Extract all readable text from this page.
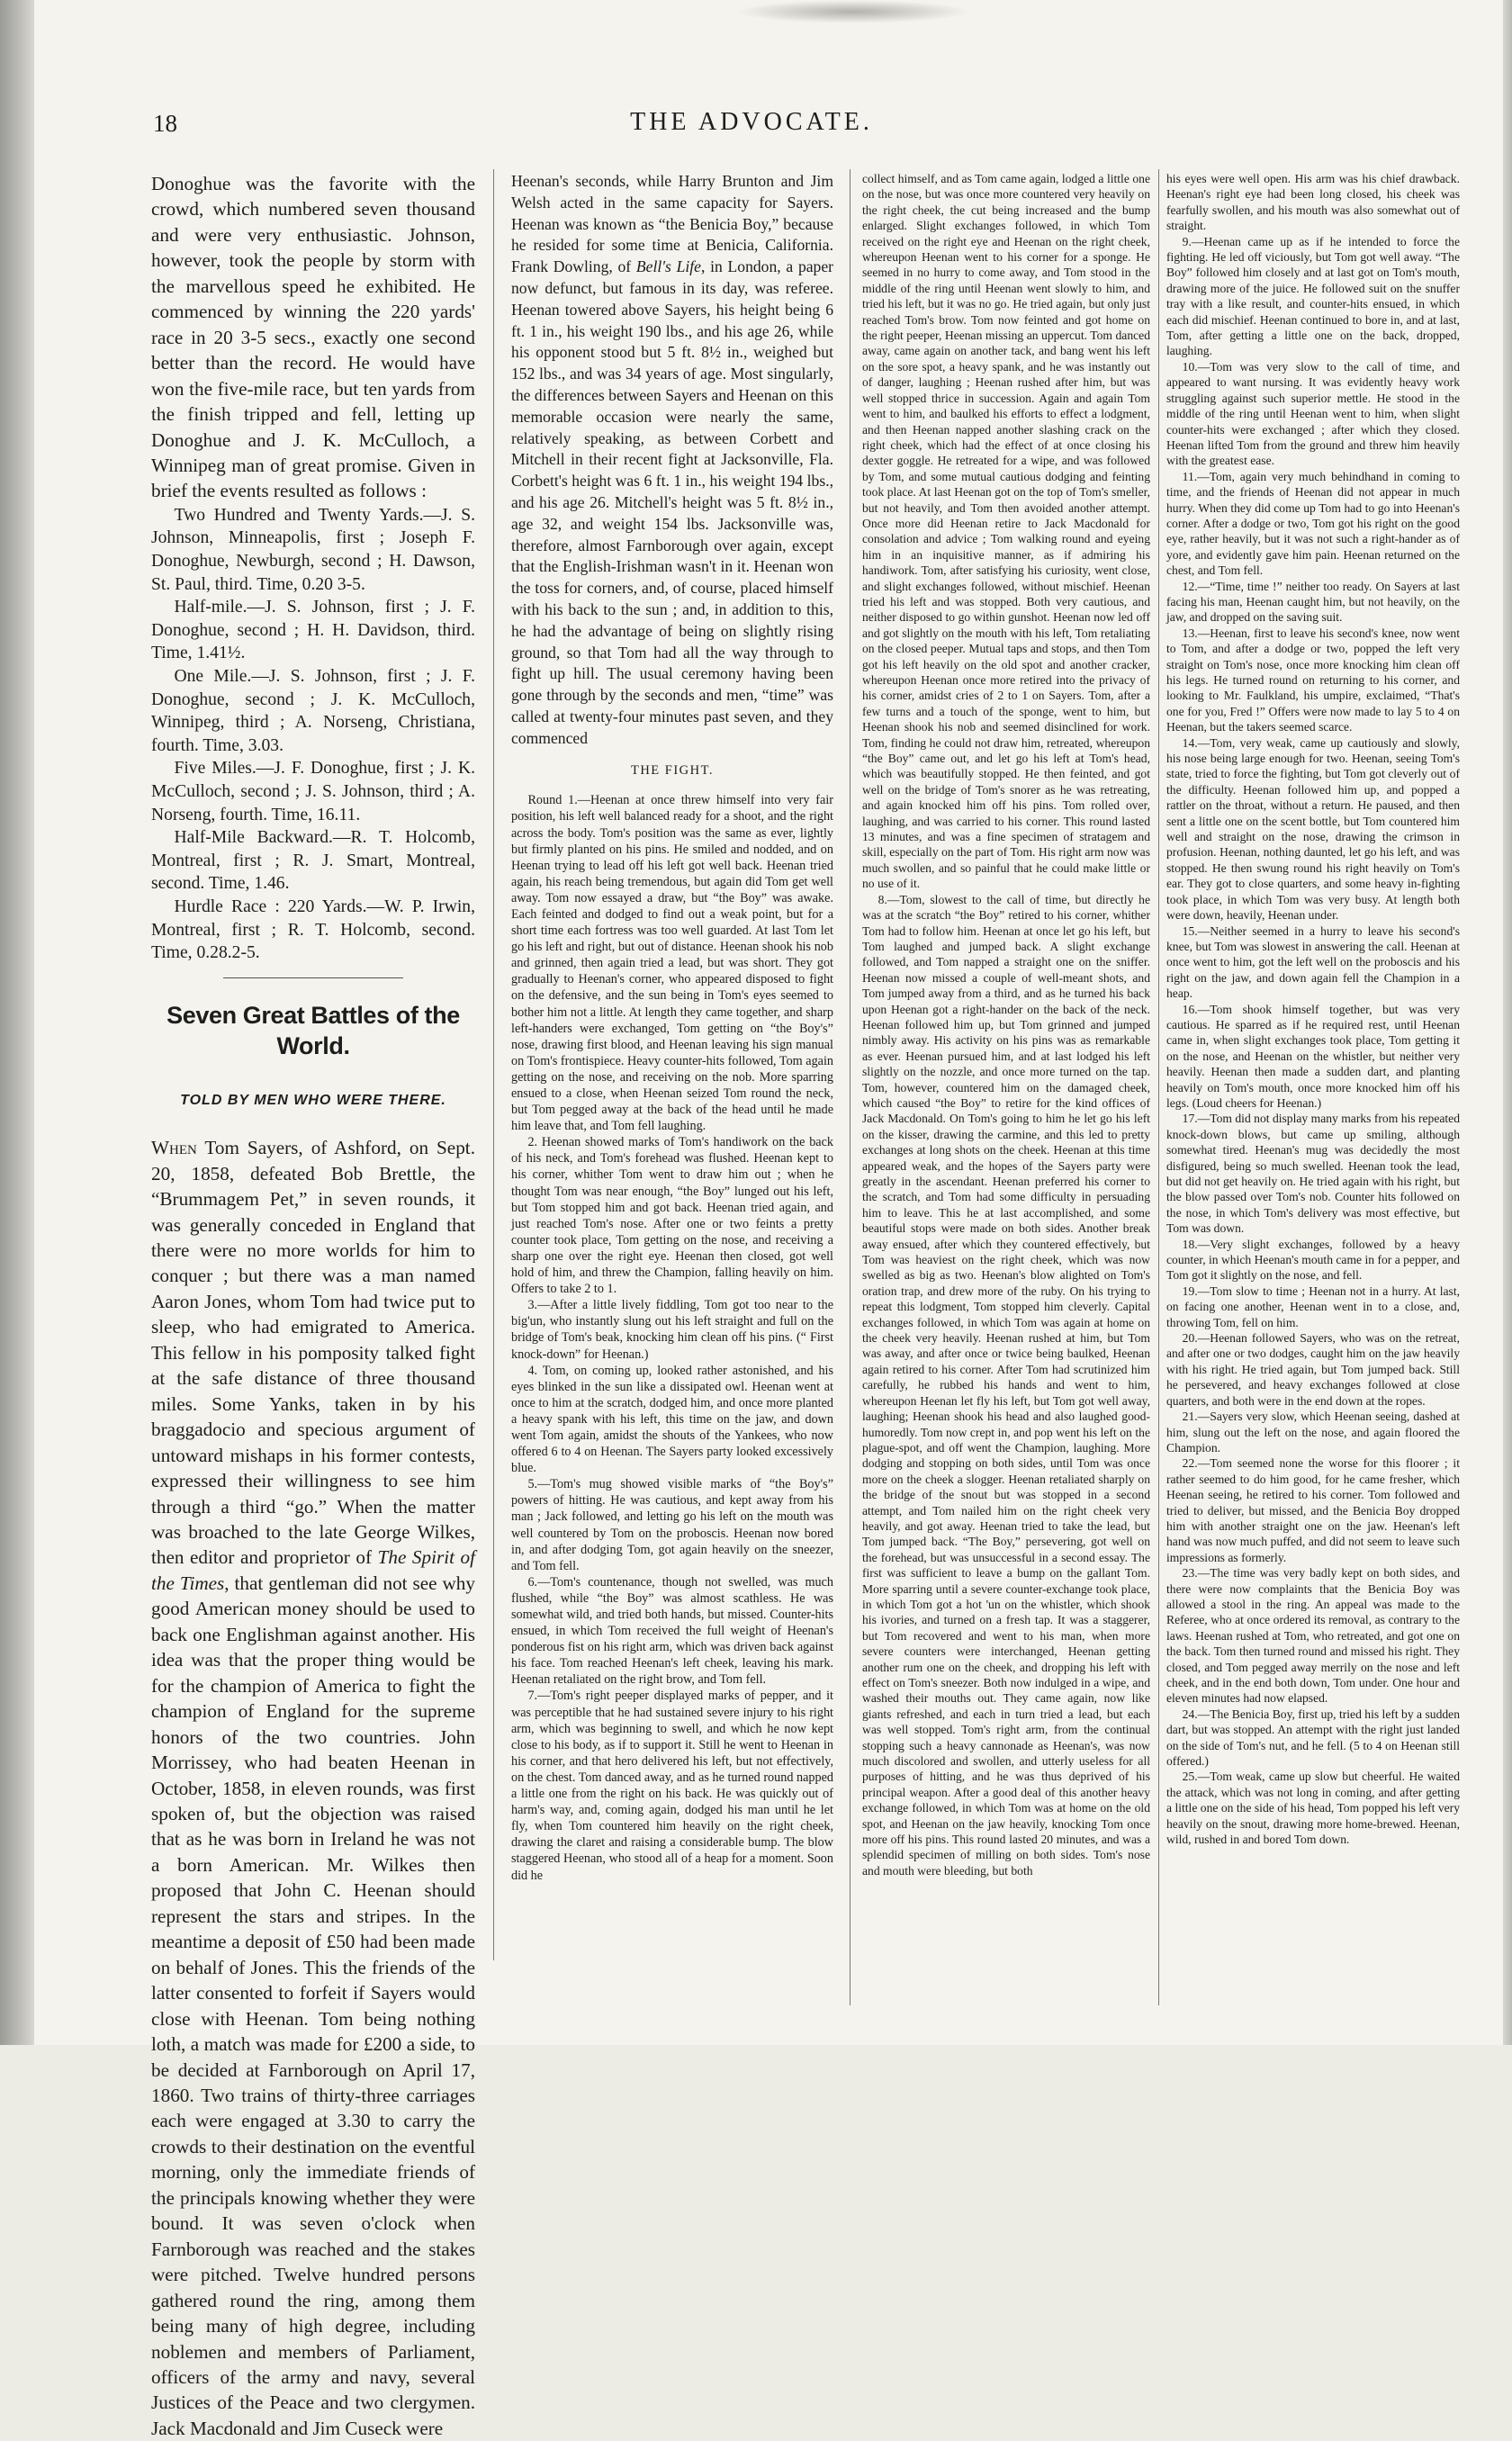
18	THE ADVOCATE.

Donoghue was the favorite with the crowd, which numbered seven thousand and were very enthusiastic. Johnson, however, took the people by storm with the marvellous speed he exhibited. He commenced by winning the 220 yards' race in 20 3-5 secs., exactly one second better than the record. He would have won the five-mile race, but ten yards from the finish tripped and fell, letting up Donoghue and J. K. McCulloch, a Winnipeg man of great promise. Given in brief the events resulted as follows :

Two Hundred and Twenty Yards.—J. S. Johnson, Minneapolis, first ; Joseph F. Donoghue, Newburgh, second ; H. Dawson, St. Paul, third. Time, 0.20 3-5.

Half-mile.—J. S. Johnson, first ; J. F. Donoghue, second ; H. H. Davidson, third. Time, 1.41½.

One Mile.—J. S. Johnson, first ; J. F. Donoghue, second ; J. K. McCulloch, Winnipeg, third ; A. Norseng, Christiana, fourth. Time, 3.03.

Five Miles.—J. F. Donoghue, first ; J. K. McCulloch, second ; J. S. Johnson, third ; A. Norseng, fourth. Time, 16.11.

Half-Mile Backward.—R. T. Holcomb, Montreal, first ; R. J. Smart, Montreal, second. Time, 1.46.

Hurdle Race : 220 Yards.—W. P. Irwin, Montreal, first ; R. T. Holcomb, second. Time, 0.28.2-5.

Seven Great Battles of the World.
TOLD BY MEN WHO WERE THERE.

When Tom Sayers, of Ashford, on Sept. 20, 1858, defeated Bob Brettle, the “Brummagem Pet,” in seven rounds, it was generally conceded in England that there were no more worlds for him to conquer ; but there was a man named Aaron Jones, whom Tom had twice put to sleep, who had emigrated to America. This fellow in his pomposity talked fight at the safe distance of three thousand miles. Some Yanks, taken in by his braggadocio and specious argument of untoward mishaps in his former contests, expressed their willingness to see him through a third “go.” When the matter was broached to the late George Wilkes, then editor and proprietor of The Spirit of the Times, that gentleman did not see why good American money should be used to back one Englishman against another. His idea was that the proper thing would be for the champion of America to fight the champion of England for the supreme honors of the two countries. John Morrissey, who had beaten Heenan in October, 1858, in eleven rounds, was first spoken of, but the objection was raised that as he was born in Ireland he was not a born American. Mr. Wilkes then proposed that John C. Heenan should represent the stars and stripes. In the meantime a deposit of £50 had been made on behalf of Jones. This the friends of the latter consented to forfeit if Sayers would close with Heenan. Tom being nothing loth, a match was made for £200 a side, to be decided at Farnborough on April 17, 1860. Two trains of thirty-three carriages each were engaged at 3.30 to carry the crowds to their destination on the eventful morning, only the immediate friends of the principals knowing whether they were bound. It was seven o'clock when Farnborough was reached and the stakes were pitched. Twelve hundred persons gathered round the ring, among them being many of high degree, including noblemen and members of Parliament, officers of the army and navy, several Justices of the Peace and two clergymen. Jack Macdonald and Jim Cuseck were

Heenan's seconds, while Harry Brunton and Jim Welsh acted in the same capacity for Sayers. Heenan was known as “the Benicia Boy,” because he resided for some time at Benicia, California. Frank Dowling, of Bell's Life, in London, a paper now defunct, but famous in its day, was referee. Heenan towered above Sayers, his height being 6 ft. 1 in., his weight 190 lbs., and his age 26, while his opponent stood but 5 ft. 8½ in., weighed but 152 lbs., and was 34 years of age. Most singularly, the differences between Sayers and Heenan on this memorable occasion were nearly the same, relatively speaking, as between Corbett and Mitchell in their recent fight at Jacksonville, Fla. Corbett's height was 6 ft. 1 in., his weight 194 lbs., and his age 26. Mitchell's height was 5 ft. 8½ in., age 32, and weight 154 lbs. Jacksonville was, therefore, almost Farnborough over again, except that the English-Irishman wasn't in it. Heenan won the toss for corners, and, of course, placed himself with his back to the sun ; and, in addition to this, he had the advantage of being on slightly rising ground, so that Tom had all the way through to fight up hill. The usual ceremony having been gone through by the seconds and men, “time” was called at twenty-four minutes past seven, and they commenced

THE FIGHT.

Round 1.—Heenan at once threw himself into very fair position, his left well balanced ready for a shoot, and the right across the body. Tom's position was the same as ever, lightly but firmly planted on his pins. He smiled and nodded, and on Heenan trying to lead off his left got well back. Heenan tried again, his reach being tremendous, but again did Tom get well away. Tom now essayed a draw, but “the Boy” was awake. Each feinted and dodged to find out a weak point, but for a short time each fortress was too well guarded. At last Tom let go his left and right, but out of distance. Heenan shook his nob and grinned, then again tried a lead, but was short. They got gradually to Heenan's corner, who appeared disposed to fight on the defensive, and the sun being in Tom's eyes seemed to bother him not a little. At length they came together, and sharp left-handers were exchanged, Tom getting on “the Boy's” nose, drawing first blood, and Heenan leaving his sign manual on Tom's frontispiece. Heavy counter-hits followed, Tom again getting on the nose, and receiving on the nob. More sparring ensued to a close, when Heenan seized Tom round the neck, but Tom pegged away at the back of the head until he made him leave that, and Tom fell laughing.

2. Heenan showed marks of Tom's handiwork on the back of his neck, and Tom's forehead was flushed. Heenan kept to his corner, whither Tom went to draw him out ; when he thought Tom was near enough, “the Boy” lunged out his left, but Tom stopped him and got back. Heenan tried again, and just reached Tom's nose. After one or two feints a pretty counter took place, Tom getting on the nose, and receiving a sharp one over the right eye. Heenan then closed, got well hold of him, and threw the Champion, falling heavily on him. Offers to take 2 to 1.

3.—After a little lively fiddling, Tom got too near to the big'un, who instantly slung out his left straight and full on the bridge of Tom's beak, knocking him clean off his pins. (“ First knock-down” for Heenan.)

4. Tom, on coming up, looked rather astonished, and his eyes blinked in the sun like a dissipated owl. Heenan went at once to him at the scratch, dodged him, and once more planted a heavy spank with his left, this time on the jaw, and down went Tom again, amidst the shouts of the Yankees, who now offered 6 to 4 on Heenan. The Sayers party looked excessively blue.

5.—Tom's mug showed visible marks of “the Boy's” powers of hitting. He was cautious, and kept away from his man ; Jack followed, and letting go his left on the mouth was well countered by Tom on the proboscis. Heenan now bored in, and after dodging Tom, got again heavily on the sneezer, and Tom fell.

6.—Tom's countenance, though not swelled, was much flushed, while “the Boy” was almost scathless. He was somewhat wild, and tried both hands, but missed. Counter-hits ensued, in which Tom received the full weight of Heenan's ponderous fist on his right arm, which was driven back against his face. Tom reached Heenan's left cheek, leaving his mark. Heenan retaliated on the right brow, and Tom fell.

7.—Tom's right peeper displayed marks of pepper, and it was perceptible that he had sustained severe injury to his right arm, which was beginning to swell, and which he now kept close to his body, as if to support it. Still he went to Heenan in his corner, and that hero delivered his left, but not effectively, on the chest. Tom danced away, and as he turned round napped a little one from the right on his back. He was quickly out of harm's way, and, coming again, dodged his man until he let fly, when Tom countered him heavily on the right cheek, drawing the claret and raising a considerable bump. The blow staggered Heenan, who stood all of a heap for a moment. Soon did he

collect himself, and as Tom came again, lodged a little one on the nose, but was once more countered very heavily on the right cheek, the cut being increased and the bump enlarged. Slight exchanges followed, in which Tom received on the right eye and Heenan on the right cheek, whereupon Heenan went to his corner for a sponge. He seemed in no hurry to come away, and Tom stood in the middle of the ring until Heenan went slowly to him, and tried his left, but it was no go. He tried again, but only just reached Tom's brow. Tom now feinted and got home on the right peeper, Heenan missing an uppercut. Tom danced away, came again on another tack, and bang went his left on the sore spot, a heavy spank, and he was instantly out of danger, laughing ; Heenan rushed after him, but was well stopped thrice in succession. Again and again Tom went to him, and baulked his efforts to effect a lodgment, and then Heenan napped another slashing crack on the right cheek, which had the effect of at once closing his dexter goggle. He retreated for a wipe, and was followed by Tom, and some mutual cautious dodging and feinting took place. At last Heenan got on the top of Tom's smeller, but not heavily, and Tom then avoided another attempt. Once more did Heenan retire to Jack Macdonald for consolation and advice ; Tom walking round and eyeing him in an inquisitive manner, as if admiring his handiwork. Tom, after satisfying his curiosity, went close, and slight exchanges followed, without mischief. Heenan tried his left and was stopped. Both very cautious, and neither disposed to go within gunshot. Heenan now led off and got slightly on the mouth with his left, Tom retaliating on the closed peeper. Mutual taps and stops, and then Tom got his left heavily on the old spot and another cracker, whereupon Heenan once more retired into the privacy of his corner, amidst cries of 2 to 1 on Sayers. Tom, after a few turns and a touch of the sponge, went to him, but Heenan shook his nob and seemed disinclined for work. Tom, finding he could not draw him, retreated, whereupon “the Boy” came out, and let go his left at Tom's head, which was beautifully stopped. He then feinted, and got well on the bridge of Tom's snorer as he was retreating, and again knocked him off his pins. Tom rolled over, laughing, and was carried to his corner. This round lasted 13 minutes, and was a fine specimen of stratagem and skill, especially on the part of Tom. His right arm now was much swollen, and so painful that he could make little or no use of it.

8.—Tom, slowest to the call of time, but directly he was at the scratch “the Boy” retired to his corner, whither Tom had to follow him. Heenan at once let go his left, but Tom laughed and jumped back. A slight exchange followed, and Tom napped a straight one on the sniffer. Heenan now missed a couple of well-meant shots, and Tom jumped away from a third, and as he turned his back upon Heenan got a right-hander on the back of the neck. Heenan followed him up, but Tom grinned and jumped nimbly away. His activity on his pins was as remarkable as ever. Heenan pursued him, and at last lodged his left slightly on the nozzle, and once more turned on the tap. Tom, however, countered him on the damaged cheek, which caused “the Boy” to retire for the kind offices of Jack Macdonald. On Tom's going to him he let go his left on the kisser, drawing the carmine, and this led to pretty exchanges at long shots on the cheek. Heenan at this time appeared weak, and the hopes of the Sayers party were greatly in the ascendant. Heenan preferred his corner to the scratch, and Tom had some difficulty in persuading him to leave. This he at last accomplished, and some beautiful stops were made on both sides. Another break away ensued, after which they countered effectively, but Tom was heaviest on the right cheek, which was now swelled as big as two. Heenan's blow alighted on Tom's oration trap, and drew more of the ruby. On his trying to repeat this lodgment, Tom stopped him cleverly. Capital exchanges followed, in which Tom was again at home on the cheek very heavily. Heenan rushed at him, but Tom was away, and after once or twice being baulked, Heenan again retired to his corner. After Tom had scrutinized him carefully, he rubbed his hands and went to him, whereupon Heenan let fly his left, but Tom got well away, laughing; Heenan shook his head and also laughed good-humoredly. Tom now crept in, and pop went his left on the plague-spot, and off went the Champion, laughing. More dodging and stopping on both sides, until Tom was once more on the cheek a slogger. Heenan retaliated sharply on the bridge of the snout but was stopped in a second attempt, and Tom nailed him on the right cheek very heavily, and got away. Heenan tried to take the lead, but Tom jumped back. “The Boy,” persevering, got well on the forehead, but was unsuccessful in a second essay. The first was sufficient to leave a bump on the gallant Tom. More sparring until a severe counter-exchange took place, in which Tom got a hot 'un on the whistler, which shook his ivories, and turned on a fresh tap. It was a staggerer, but Tom recovered and went to his man, when more severe counters were interchanged, Heenan getting another rum one on the cheek, and dropping his left with effect on Tom's sneezer. Both now indulged in a wipe, and washed their mouths out. They came again, now like giants refreshed, and each in turn tried a lead, but each was well stopped. Tom's right arm, from the continual stopping such a heavy cannonade as Heenan's, was now much discolored and swollen, and utterly useless for all purposes of hitting, and he was thus deprived of his principal weapon. After a good deal of this another heavy exchange followed, in which Tom was at home on the old spot, and Heenan on the jaw heavily, knocking Tom once more off his pins. This round lasted 20 minutes, and was a splendid specimen of milling on both sides. Tom's nose and mouth were bleeding, but both

his eyes were well open. His arm was his chief drawback. Heenan's right eye had been long closed, his cheek was fearfully swollen, and his mouth was also somewhat out of straight.

9.—Heenan came up as if he intended to force the fighting. He led off viciously, but Tom got well away. “The Boy” followed him closely and at last got on Tom's mouth, drawing more of the juice. He followed suit on the snuffer tray with a like result, and counter-hits ensued, in which each did mischief. Heenan continued to bore in, and at last, Tom, after getting a little one on the back, dropped, laughing.

10.—Tom was very slow to the call of time, and appeared to want nursing. It was evidently heavy work struggling against such superior mettle. He stood in the middle of the ring until Heenan went to him, when slight counter-hits were exchanged ; after which they closed. Heenan lifted Tom from the ground and threw him heavily with the greatest ease.

11.—Tom, again very much behindhand in coming to time, and the friends of Heenan did not appear in much hurry. When they did come up Tom had to go into Heenan's corner. After a dodge or two, Tom got his right on the good eye, rather heavily, but it was not such a right-hander as of yore, and evidently gave him pain. Heenan returned on the chest, and Tom fell.

12.—“Time, time !” neither too ready. On Sayers at last facing his man, Heenan caught him, but not heavily, on the jaw, and dropped on the saving suit.

13.—Heenan, first to leave his second's knee, now went to Tom, and after a dodge or two, popped the left very straight on Tom's nose, once more knocking him clean off his legs. He turned round on returning to his corner, and looking to Mr. Faulkland, his umpire, exclaimed, “That's one for you, Fred !” Offers were now made to lay 5 to 4 on Heenan, but the takers seemed scarce.

14.—Tom, very weak, came up cautiously and slowly, his nose being large enough for two. Heenan, seeing Tom's state, tried to force the fighting, but Tom got cleverly out of the difficulty. Heenan followed him up, and popped a rattler on the throat, without a return. He paused, and then sent a little one on the scent bottle, but Tom countered him well and straight on the nose, drawing the crimson in profusion. Heenan, nothing daunted, let go his left, and was stopped. He then swung round his right heavily on Tom's ear. They got to close quarters, and some heavy in-fighting took place, in which Tom was very busy. At length both were down, heavily, Heenan under.

15.—Neither seemed in a hurry to leave his second's knee, but Tom was slowest in answering the call. Heenan at once went to him, got the left well on the proboscis and his right on the jaw, and down again fell the Champion in a heap.

16.—Tom shook himself together, but was very cautious. He sparred as if he required rest, until Heenan came in, when slight exchanges took place, Tom getting it on the nose, and Heenan on the whistler, but neither very heavily. Heenan then made a sudden dart, and planting heavily on Tom's mouth, once more knocked him off his legs. (Loud cheers for Heenan.)

17.—Tom did not display many marks from his repeated knock-down blows, but came up smiling, although somewhat tired. Heenan's mug was decidedly the most disfigured, being so much swelled. Heenan took the lead, but did not get heavily on. He tried again with his right, but the blow passed over Tom's nob. Counter hits followed on the nose, in which Tom's delivery was most effective, but Tom was down.

18.—Very slight exchanges, followed by a heavy counter, in which Heenan's mouth came in for a pepper, and Tom got it slightly on the nose, and fell.

19.—Tom slow to time ; Heenan not in a hurry. At last, on facing one another, Heenan went in to a close, and, throwing Tom, fell on him.

20.—Heenan followed Sayers, who was on the retreat, and after one or two dodges, caught him on the jaw heavily with his right. He tried again, but Tom jumped back. Still he persevered, and heavy exchanges followed at close quarters, and both were in the end down at the ropes.

21.—Sayers very slow, which Heenan seeing, dashed at him, slung out the left on the nose, and again floored the Champion.

22.—Tom seemed none the worse for this floorer ; it rather seemed to do him good, for he came fresher, which Heenan seeing, he retired to his corner. Tom followed and tried to deliver, but missed, and the Benicia Boy dropped him with another straight one on the jaw. Heenan's left hand was now much puffed, and did not seem to leave such impressions as formerly.

23.—The time was very badly kept on both sides, and there were now complaints that the Benicia Boy was allowed a stool in the ring. An appeal was made to the Referee, who at once ordered its removal, as contrary to the laws. Heenan rushed at Tom, who retreated, and got one on the back. Tom then turned round and missed his right. They closed, and Tom pegged away merrily on the nose and left cheek, and in the end both down, Tom under. One hour and eleven minutes had now elapsed.

24.—The Benicia Boy, first up, tried his left by a sudden dart, but was stopped. An attempt with the right just landed on the side of Tom's nut, and he fell. (5 to 4 on Heenan still offered.)

25.—Tom weak, came up slow but cheerful. He waited the attack, which was not long in coming, and after getting a little one on the side of his head, Tom popped his left very heavily on the snout, drawing more home-brewed. Heenan, wild, rushed in and bored Tom down.
